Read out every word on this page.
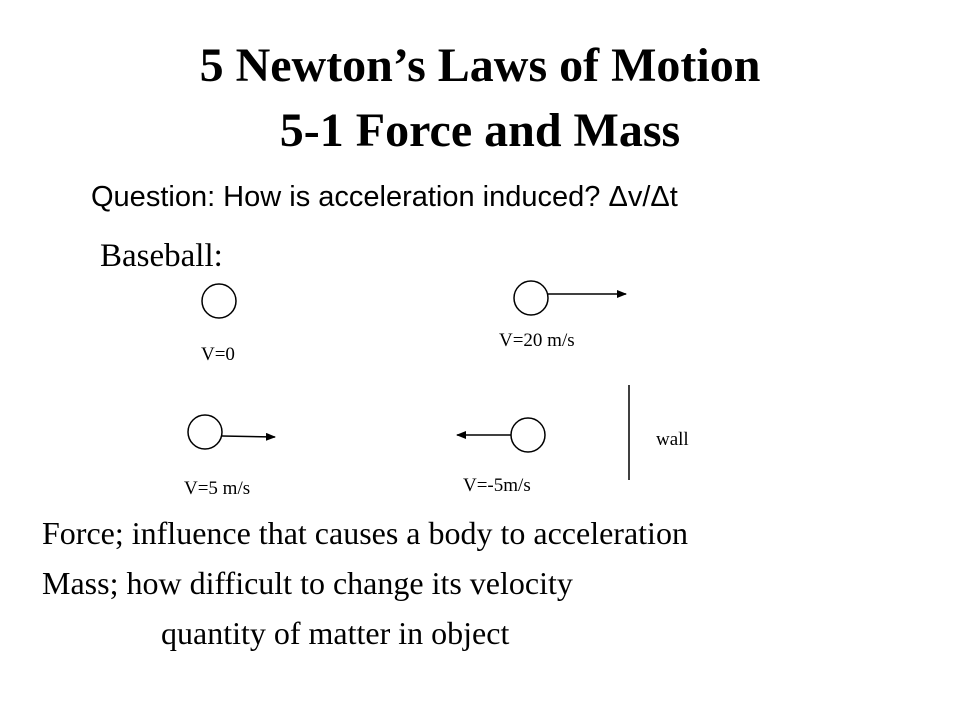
5 Newton’s Laws of Motion
5-1 Force and Mass
Question: How is acceleration induced? Δv/Δt
Baseball:
V=0
V=20 m/s
V=5 m/s	V=-5m/s
wall
Force; influence that causes a body to acceleration
Mass; how difficult to change its velocity
quantity of matter in object
